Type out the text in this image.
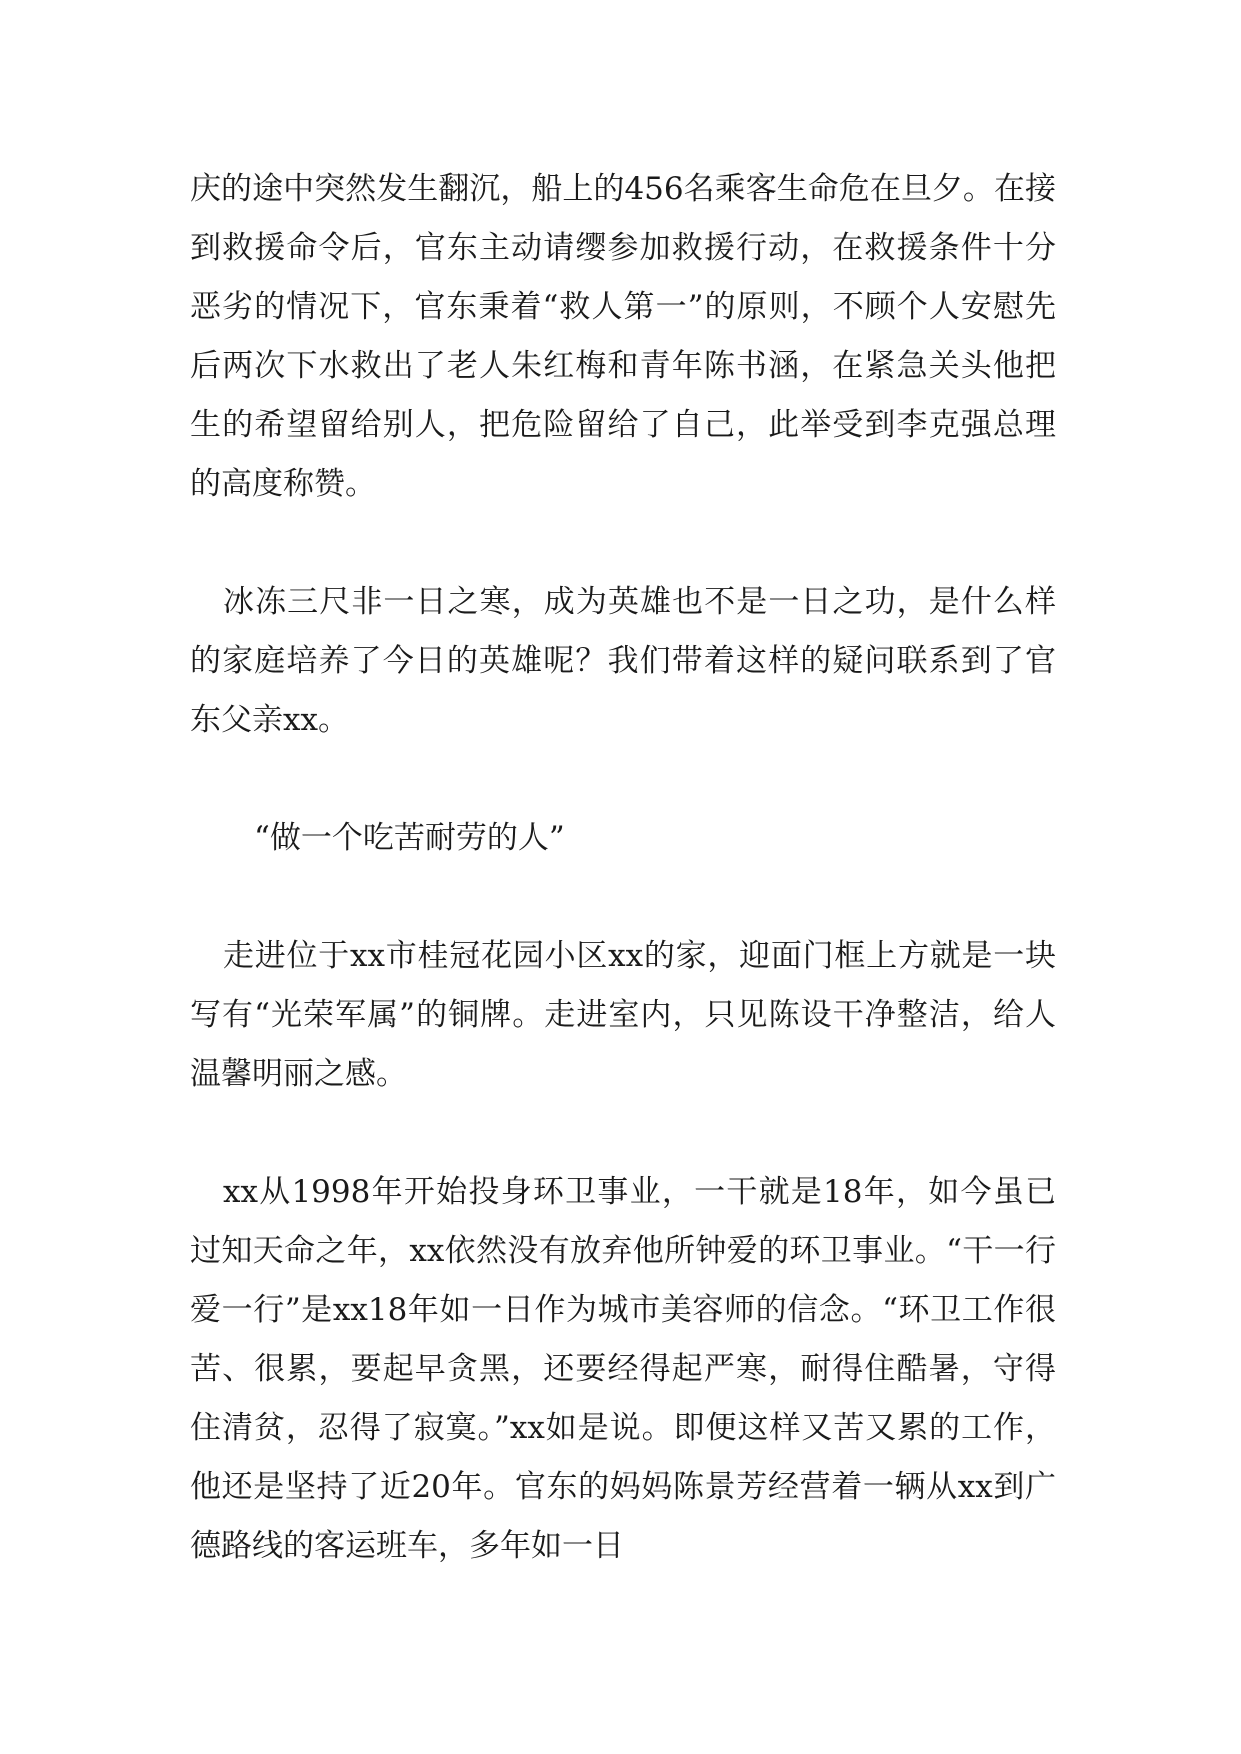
庆的途中突然发生翻沉，船上的456名乘客生命危在旦夕。在接到救援命令后，官东主动请缨参加救援行动，在救援条件十分恶劣的情况下，官东秉着“救人第一”的原则，不顾个人安慰先后两次下水救出了老人朱红梅和青年陈书涵，在紧急关头他把生的希望留给别人，把危险留给了自己，此举受到李克强总理的高度称赞。

冰冻三尺非一日之寒，成为英雄也不是一日之功，是什么样的家庭培养了今日的英雄呢？我们带着这样的疑问联系到了官东父亲xx。

“做一个吃苦耐劳的人”

走进位于xx市桂冠花园小区xx的家，迎面门框上方就是一块写有“光荣军属”的铜牌。走进室内，只见陈设干净整洁，给人温馨明丽之感。

xx从1998年开始投身环卫事业，一干就是18年，如今虽已过知天命之年，xx依然没有放弃他所钟爱的环卫事业。“干一行爱一行”是xx18年如一日作为城市美容师的信念。“环卫工作很苦、很累，要起早贪黑，还要经得起严寒，耐得住酷暑，守得住清贫，忍得了寂寞。”xx如是说。即便这样又苦又累的工作，他还是坚持了近20年。官东的妈妈陈景芳经营着一辆从xx到广德路线的客运班车，多年如一日
